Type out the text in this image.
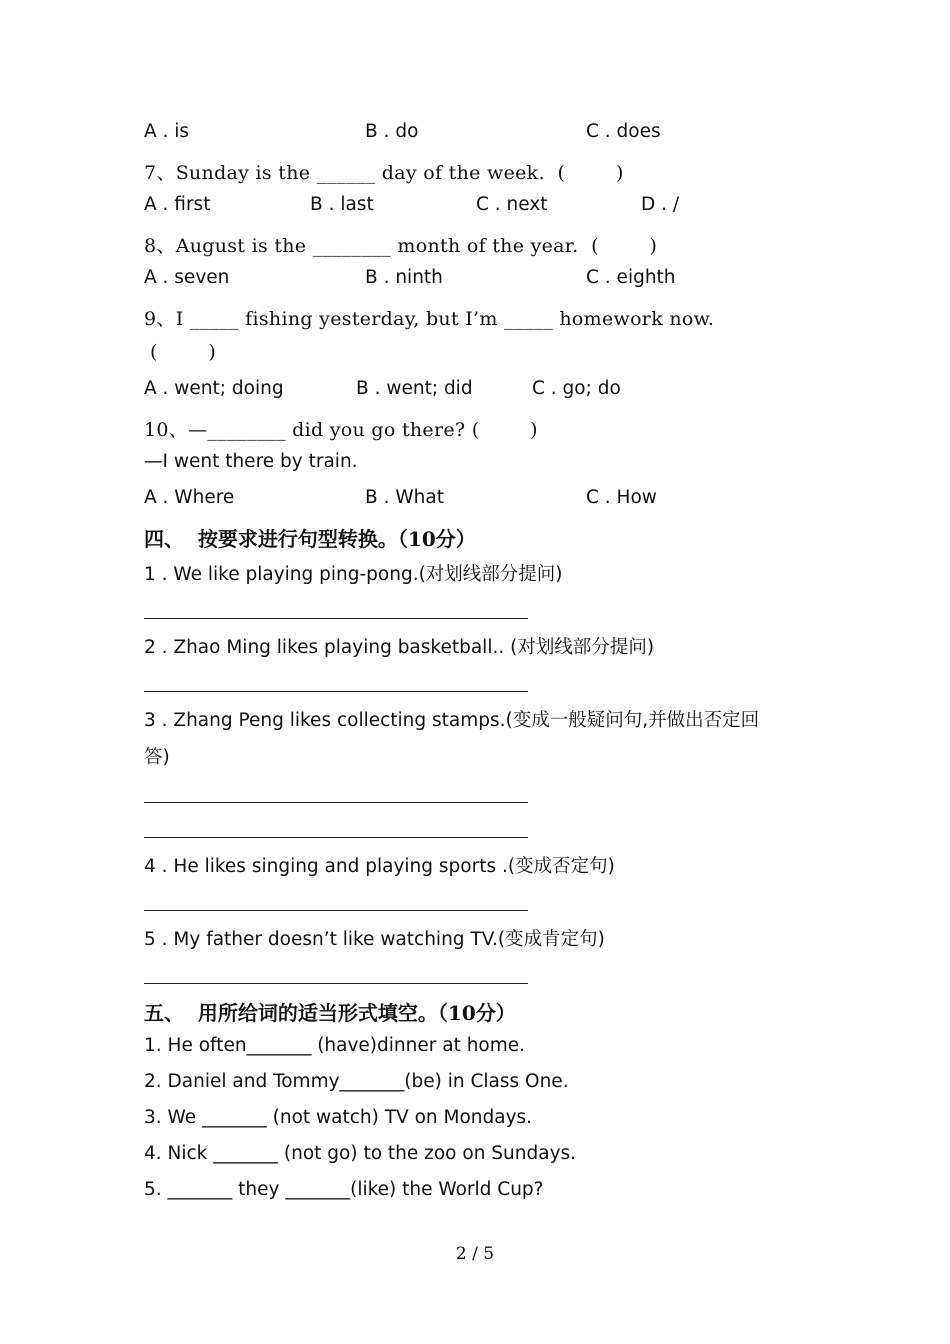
A . is	B . do	C . does
7、Sunday is the ______ day of the week.  (        )
A . first	B . last	C . next	D . /
8、August is the ________ month of the year.  (        )
A . seven	B . ninth	C . eighth
9、I _____ fishing yesterday, but I’m _____ homework now.
(        )
A . went; doing	B . went; did	C . go; do
10、—________ did you go there? (        )
—I went there by train.
A . Where	B . What	C . How
四、  按要求进行句型转换。（10分）
1 . We like playing ping-pong.(对划线部分提问)
2 . Zhao Ming likes playing basketball.. (对划线部分提问)
3 . Zhang Peng likes collecting stamps.(变成一般疑问句,并做出否定回
答)
4 . He likes singing and playing sports .(变成否定句)
5 . My father doesn’t like watching TV.(变成肯定句)
五、  用所给词的适当形式填空。（10分）
1. He often_______ (have)dinner at home.
2. Daniel and Tommy_______(be) in Class One.
3. We _______ (not watch) TV on Mondays.
4. Nick _______ (not go) to the zoo on Sundays.
5. _______ they _______(like) the World Cup?
2 / 5
